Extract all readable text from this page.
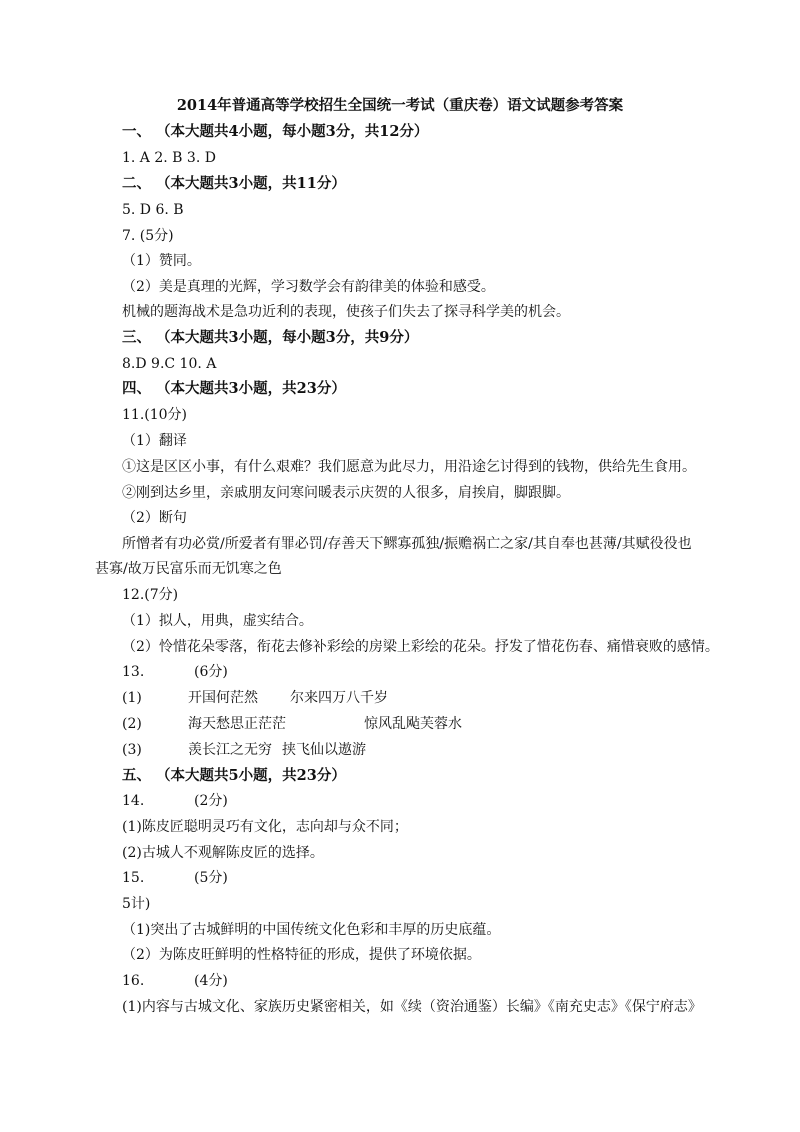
2014年普通高等学校招生全国统一考试（重庆卷）语文试题参考答案
一、 （本大题共4小题，每小题3分，共12分）
1. A 2. B 3. D
二、 （本大题共3小题，共11分）
5. D 6. B
7. (5分)
（1）赞同。
（2）美是真理的光辉，学习数学会有韵律美的体验和感受。
机械的题海战术是急功近利的表现，使孩子们失去了探寻科学美的机会。
三、 （本大题共3小题，每小题3分，共9分）
8.D 9.C 10. A
四、 （本大题共3小题，共23分）
11.(10分)
（1）翻译
①这是区区小事，有什么艰难？我们愿意为此尽力，用沿途乞讨得到的钱物，供给先生食用。
②刚到达乡里，亲戚朋友问寒问暖表示庆贺的人很多，肩挨肩，脚跟脚。
（2）断句
所憎者有功必赏/所爱者有罪必罚/存善天下鳏寡孤独/振赡祸亡之家/其自奉也甚薄/其赋役役也
甚寡/故万民富乐而无饥寒之色
12.(7分)
（1）拟人，用典，虚实结合。
（2）怜惜花朵零落，衔花去修补彩绘的房梁上彩绘的花朵。抒发了惜花伤春、痛惜衰败的感情。
13.	(6分)
(1)	开国何茫然 尔来四万八千岁
(2)	海天愁思正茫茫	惊风乱飐芙蓉水
(3)	羡长江之无穷 挟飞仙以遨游
五、 （本大题共5小题，共23分）
14.	(2分)
(1)陈皮匠聪明灵巧有文化，志向却与众不同；
(2)古城人不观解陈皮匠的选择。
15.	(5分)
5计)
（1)突出了古城鲜明的中国传统文化色彩和丰厚的历史底蕴。
（2）为陈皮旺鲜明的性格特征的形成，提供了环境依据。
16.	(4分)
(1)内容与古城文化、家族历史紧密相关，如《续（资治通鉴）长编》《南充史志》《保宁府志》
